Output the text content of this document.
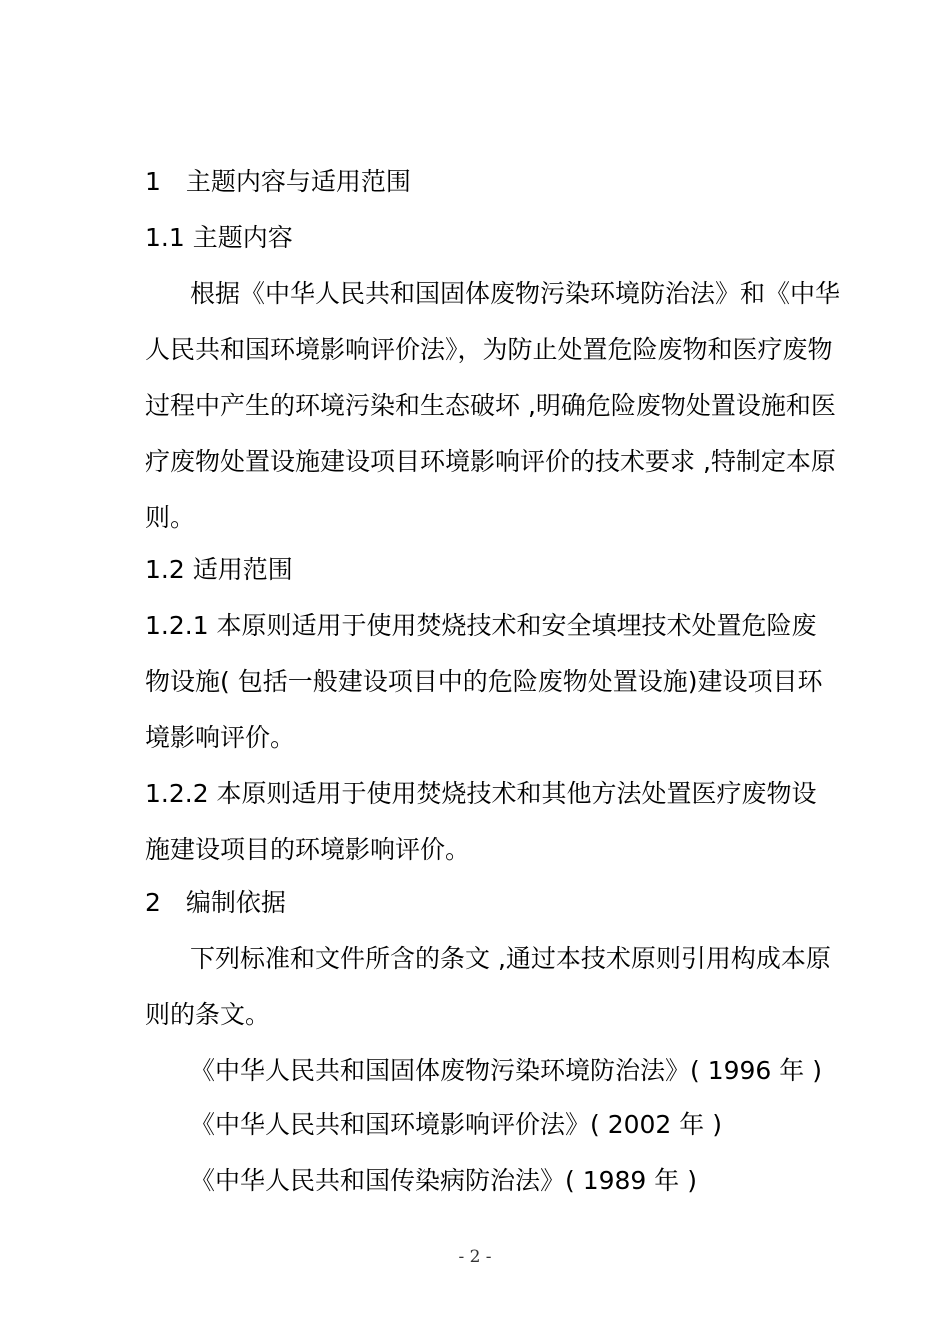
1　主题内容与适用范围
1.1 主题内容
根据《中华人民共和国固体废物污染环境防治法》和《中华
人民共和国环境影响评价法》，为防止处置危险废物和医疗废物
过程中产生的环境污染和生态破坏 ,明确危险废物处置设施和医
疗废物处置设施建设项目环境影响评价的技术要求 ,特制定本原
则。
1.2 适用范围
1.2.1 本原则适用于使用焚烧技术和安全填埋技术处置危险废
物设施( 包括一般建设项目中的危险废物处置设施)建设项目环
境影响评价。
1.2.2 本原则适用于使用焚烧技术和其他方法处置医疗废物设
施建设项目的环境影响评价。
2　编制依据
下列标准和文件所含的条文 ,通过本技术原则引用构成本原
则的条文。
《中华人民共和国固体废物污染环境防治法》( 1996 年 )
《中华人民共和国环境影响评价法》( 2002 年 )
《中华人民共和国传染病防治法》( 1989 年 )
- 2 -
